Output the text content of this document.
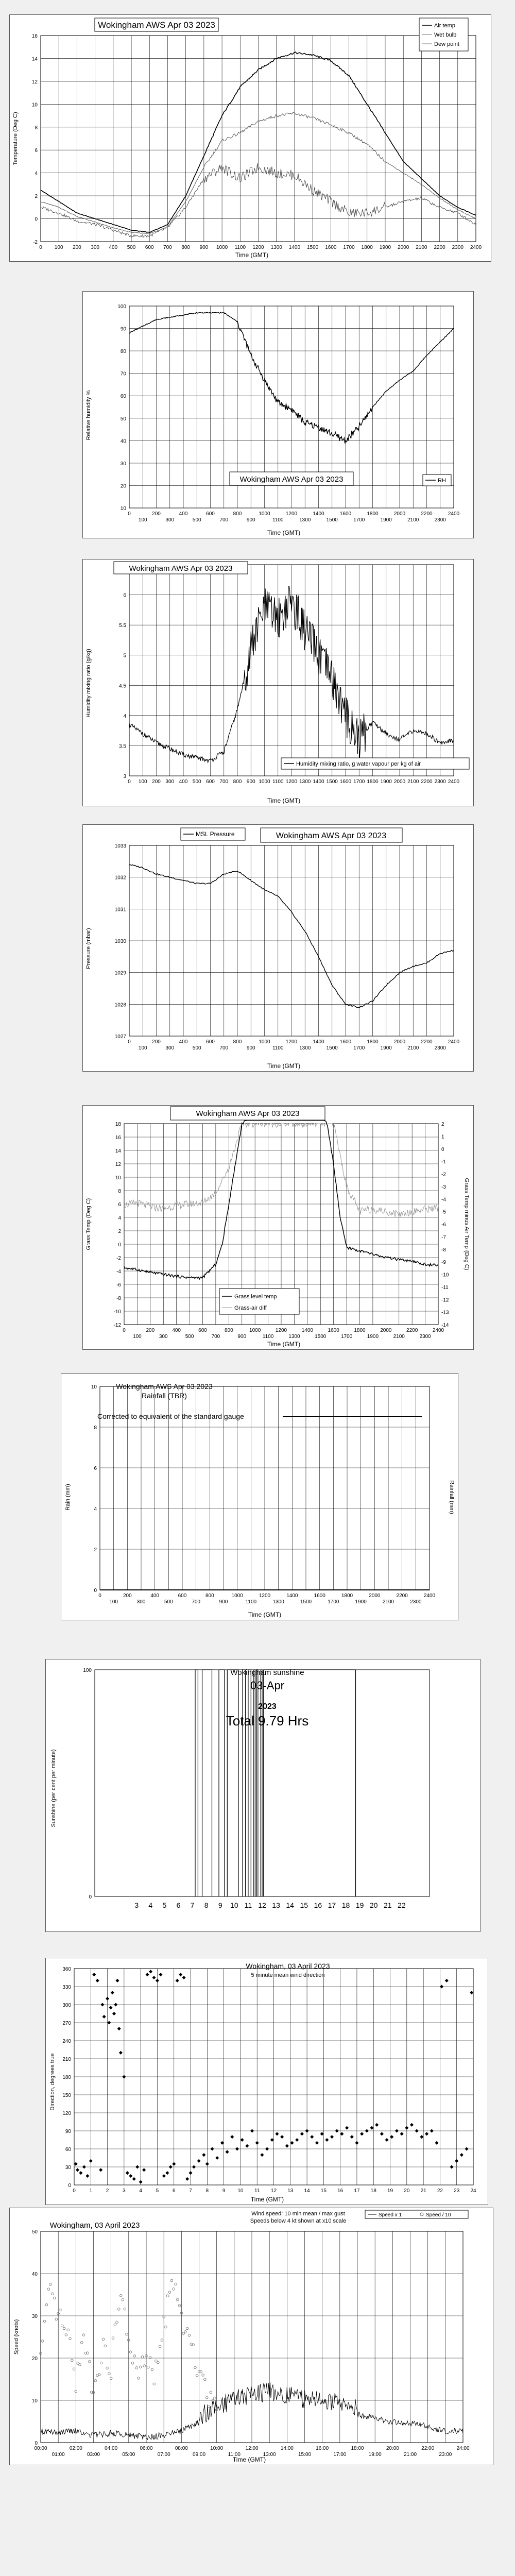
-2
0
2
4
6
8
10
12
14
16
0 100 200 300 400 500 600 700 800 900 1000 1100 1200 1300 1400 1500 1600 1700 1800 1900 2000 2100 2200 2300 2400
Wokingham AWS Apr 03 2023	Air temp
Wet bulb
Dew point
Temperature (Deg C)
Time (GMT)
10
20
30
40
50
60
70
80
90
100
0
100
200
300
400
500
600
700
800
900
1000
1100
1200
1300
1400
1500
1600
1700
1800
1900
2000
2100
2200
2300
2400
Wokingham AWS Apr 03 2023	RH
Relative humidity %
Time (GMT)
3
3.5
4
4.5
5
5.5
6
0 100 200 300 400 500 600 700 800 900 1000 1100 1200 1300 1400 1500 1600 1700 1800 1900 2000 2100 2200 2300 2400
Wokingham AWS Apr 03 2023
Humidity mixing ratio, g water vapour per kg of air
Humidity mixing ratio (g/kg)
Time (GMT)
1027
1028
1029
1030
1031
1032
1033
0
100
200
300
400
500
600
700
800
900
1000
1100
1200
1300
1400
1500
1600
1700
1800
1900
2000
2100
2200
2300
2400
MSL Pressure	Wokingham AWS Apr 03 2023
Pressure (mbar)
Time (GMT)
-12
-10
-8
-6
-4
-2
0
2
4
6
8
10
12
14
16
18
0
100
200
300
400
500
600
700
800
900
1000
1100
1200
1300
1400
1500
1600
1700
1800
1900
2000
2100
2200
2300
2400
-14
-13
-12
-11
-10
-9
-8
-7
-6
-5
-4
-3
-2
-1
0
1
2
Wokingham AWS Apr 03 2023
Grass level temp
Grass-air diff
Grass Temp (Deg C)	Grass Temp minus Air Temp (Deg C)
Time (GMT)
0
2
4
6
8
10
0
100
200
300
400
500
600
700
800
900
1000
1100
1200
1300
1400
1500
1600
1700
1800
1900
2000
2100
2200
2300
2400
Wokingham AWS Apr 03 2023
Rainfall (TBR)
Corrected to equivalent of the standard gauge
Rain (mm)	Rainfall (mm)
Time (GMT)
0
100
3 4 5 6 7 8 9 10 11 12 13 14 15 16 17 18 19 20 21 22
Wokingham sunshine
03-Apr
2023
Total 9.79 Hrs
Sunshine (per cent per minute)
0
30
60
90
120
150
180
210
240
270
300
330
360
0	1	2	3	4	5	6	7	8	9 10 11 12 13 14 15 16 17 18 19 20 21 22 23 24
Wokingham, 03 April 2023
5 minute mean wind direction
Direction, degrees true
Time (GMT)
0
10
20
30
40
50
00:00
01:00
02:00
03:00
04:00
05:00
06:00
07:00
08:00
09:00
10:00
11:00
12:00
13:00
14:00
15:00
16:00
17:00
18:00
19:00
20:00
21:00
22:00
23:00
24:00
Wokingham, 03 April 2023
Wind speed: 10 min mean / max gust
Speeds below 4 kt shown at x10 scale
Speed x 1	Speed / 10
Speed (knots)
Time (GMT)
